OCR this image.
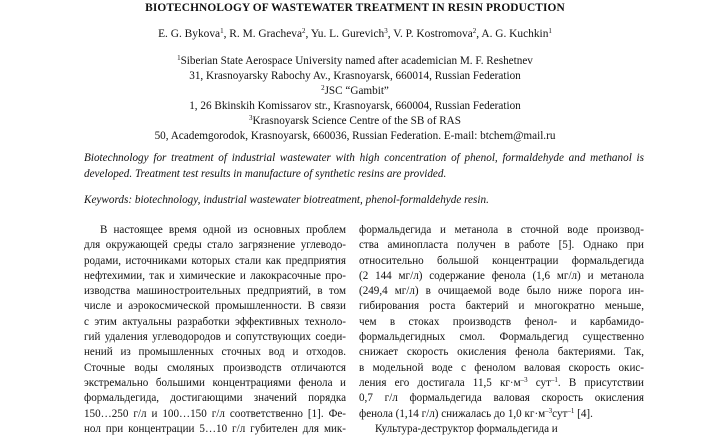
BIOTECHNOLOGY OF WASTEWATER TREATMENT IN RESIN PRODUCTION
E. G. Bykova$^1$, R. M. Gracheva$^2$, Yu. L. Gurevich$^3$, V. P. Kostromova$^2$, A. G. Kuchkin$^1$
$^1$Siberian State Aerospace University named after academician M. F. Reshetnev
31, Krasnoyarsky Rabochy Av., Krasnoyarsk, 660014, Russian Federation
$^2$JSC “Gambit”
1, 26 Bkinskih Komissarov str., Krasnoyarsk, 660004, Russian Federation
$^3$Krasnoyarsk Science Centre of the SB of RAS
50, Academgorodok, Krasnoyarsk, 660036, Russian Federation. E-mail: btchem@mail.ru
Biotechnology for treatment of industrial wastewater with high concentration of phenol, formaldehyde and methanol is developed. Treatment test results in manufacture of synthetic resins are provided.
Keywords: biotechnology, industrial wastewater biotreatment, phenol-formaldehyde resin.
В настоящее время одной из основных проблем
для окружающей среды стало загрязнение углеводо-
родами, источниками которых стали как предприятия
нефтехимии, так и химические и лакокрасочные про-
изводства машиностроительных предприятий, в том
числе и аэрокосмической промышленности. В связи
с этим актуальны разработки эффективных техноло-
гий удаления углеводородов и сопутствующих соеди-
нений из промышленных сточных вод и отходов.
Сточные воды смоляных производств отличаются
экстремально большими концентрациями фенола и
формальдегида, достигающими значений порядка
150…250 г/л и 100…150 г/л соответственно [1]. Фе-
нол при концентрации 5…10 г/л губителен для мик-
формальдегида и метанола в сточной воде производ-
ства аминопласта получен в работе [5]. Однако при
относительно большой концентрации формальдегида
(2 144 мг/л) содержание фенола (1,6 мг/л) и метанола
(249,4 мг/л) в очищаемой воде было ниже порога ин-
гибирования роста бактерий и многократно меньше,
чем в стоках производств фенол- и карбамидо-
формальдегидных смол. Формальдегид существенно
снижает скорость окисления фенола бактериями. Так,
в модельной воде с фенолом валовая скорость окис-
ления его достигала 11,5 $кг\cdot м^{-3}$ сут$^{-1}$. В присутствии
0,7 г/л формальдегида валовая скорость окисления
фенола (1,14 г/л) снижалась до 1,0 $кг\cdot м^{-3}сут^{-1}$ [4].
Культура-деструктор формальдегида и
